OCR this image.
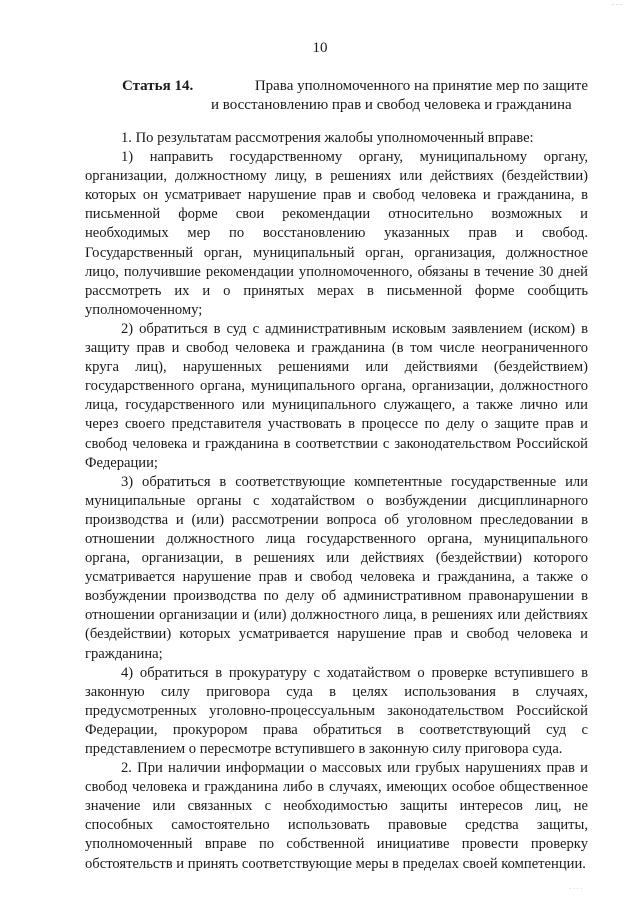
- - -
10
Статья 14.	Права уполномоченного на принятие мер по защите
и восстановлению прав и свобод человека и гражданина

1. По результатам рассмотрения жалобы уполномоченный вправе:

1) направить государственному органу, муниципальному органу, организации, должностному лицу, в решениях или действиях (бездействии) которых он усматривает нарушение прав и свобод человека и гражданина, в письменной форме свои рекомендации относительно возможных и необходимых мер по восстановлению указанных прав и свобод. Государственный орган, муниципальный орган, организация, должностное лицо, получившие рекомендации уполномоченного, обязаны в течение 30 дней рассмотреть их и о принятых мерах в письменной форме сообщить уполномоченному;

2) обратиться в суд с административным исковым заявлением (иском) в защиту прав и свобод человека и гражданина (в том числе неограниченного круга лиц), нарушенных решениями или действиями (бездействием) государственного органа, муниципального органа, организации, должностного лица, государственного или муниципального служащего, а также лично или через своего представителя участвовать в процессе по делу о защите прав и свобод человека и гражданина в соответствии с законодательством Российской Федерации;

3) обратиться в соответствующие компетентные государственные или муниципальные органы с ходатайством о возбуждении дисциплинарного производства и (или) рассмотрении вопроса об уголовном преследовании в отношении должностного лица государственного органа, муниципального органа, организации, в решениях или действиях (бездействии) которого усматривается нарушение прав и свобод человека и гражданина, а также о возбуждении производства по делу об административном правонарушении в отношении организации и (или) должностного лица, в решениях или действиях (бездействии) которых усматривается нарушение прав и свобод человека и гражданина;

4) обратиться в прокуратуру с ходатайством о проверке вступившего в законную силу приговора суда в целях использования в случаях, предусмотренных уголовно-процессуальным законодательством Российской Федерации, прокурором права обратиться в соответствующий суд с представлением о пересмотре вступившего в законную силу приговора суда.

2. При наличии информации о массовых или грубых нарушениях прав и свобод человека и гражданина либо в случаях, имеющих особое общественное значение или связанных с необходимостью защиты интересов лиц, не способных самостоятельно использовать правовые средства защиты, уполномоченный вправе по собственной инициативе провести проверку обстоятельств и принять соответствующие меры в пределах своей компетенции.

. . . .
